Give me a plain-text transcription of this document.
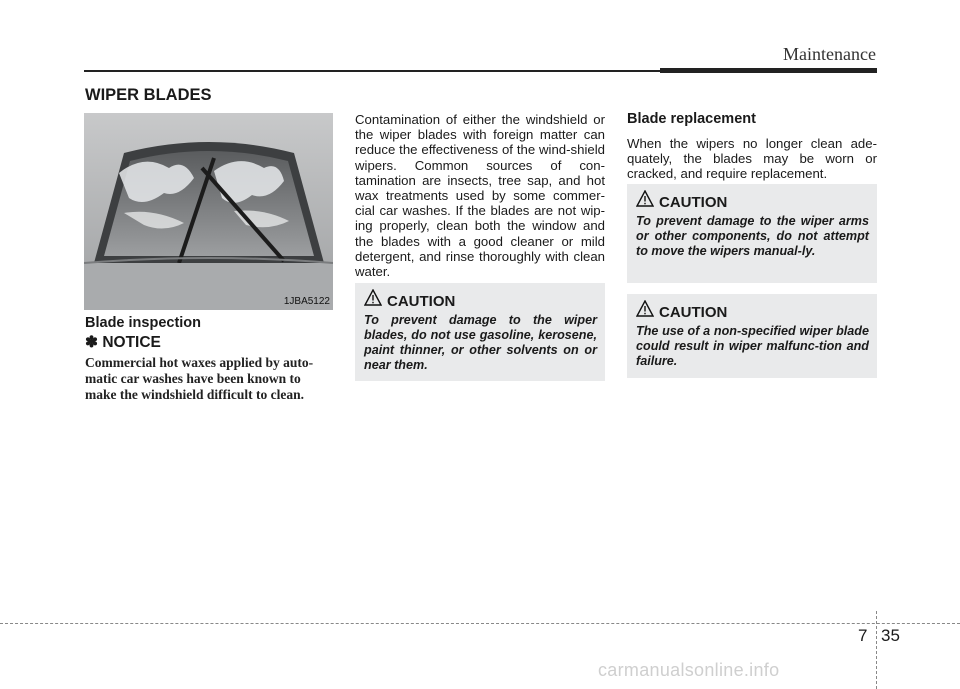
Maintenance
WIPER BLADES
1JBA5122

Blade inspection

✽ NOTICE

Commercial hot waxes applied by auto-matic car washes have been known to make the windshield difficult to clean.

Contamination of either the windshield or the wiper blades with foreign matter can reduce the effectiveness of the wind-shield wipers. Common sources of con-tamination are insects, tree sap, and hot wax treatments used by some commer-cial car washes. If the blades are not wip-ing properly, clean both the window and the blades with a good cleaner or mild detergent, and rinse thoroughly with clean water.

CAUTION
To prevent damage to the wiper blades, do not use gasoline, kerosene, paint thinner, or other solvents on or near them.

Blade replacement

When the wipers no longer clean ade-quately, the blades may be worn or cracked, and require replacement.

CAUTION
To prevent damage to the wiper arms or other components, do not attempt to move the wipers manual-ly.
CAUTION
The use of a non-specified wiper blade could result in wiper malfunc-tion and failure.
7 35
carmanualsonline.info
